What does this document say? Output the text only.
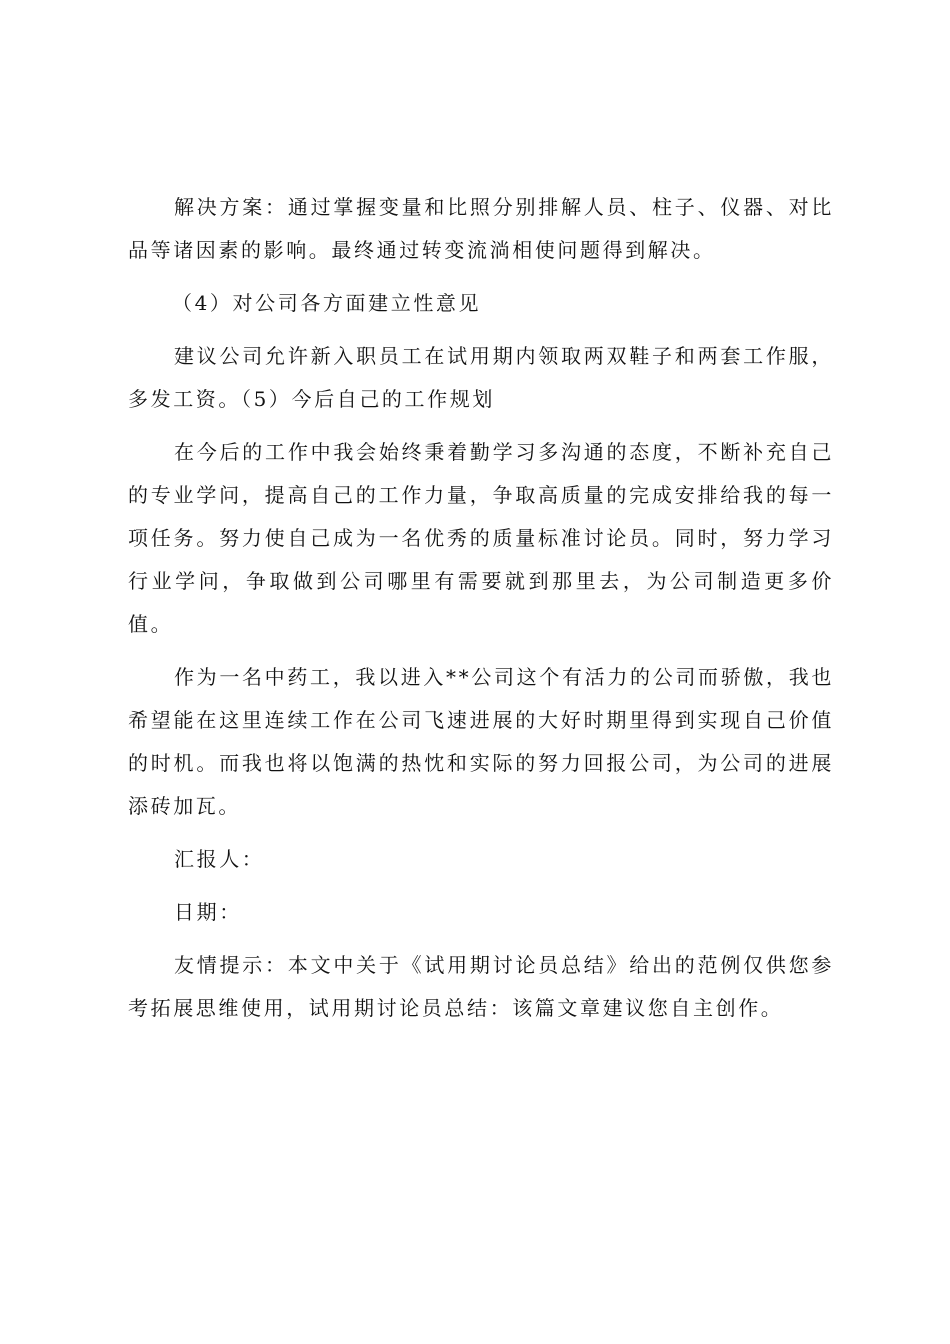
解决方案：通过掌握变量和比照分别排解人员、柱子、仪器、对比品等诸因素的影响。最终通过转变流淌相使问题得到解决。

（4）对公司各方面建立性意见

建议公司允许新入职员工在试用期内领取两双鞋子和两套工作服，多发工资。（5）今后自己的工作规划

在今后的工作中我会始终秉着勤学习多沟通的态度，不断补充自己的专业学问，提高自己的工作力量，争取高质量的完成安排给我的每一项任务。努力使自己成为一名优秀的质量标准讨论员。同时，努力学习行业学问，争取做到公司哪里有需要就到那里去，为公司制造更多价值。

作为一名中药工，我以进入**公司这个有活力的公司而骄傲，我也希望能在这里连续工作在公司飞速进展的大好时期里得到实现自己价值的时机。而我也将以饱满的热忱和实际的努力回报公司，为公司的进展添砖加瓦。

汇报人：

日期：

友情提示：本文中关于《试用期讨论员总结》给出的范例仅供您参考拓展思维使用，试用期讨论员总结：该篇文章建议您自主创作。
